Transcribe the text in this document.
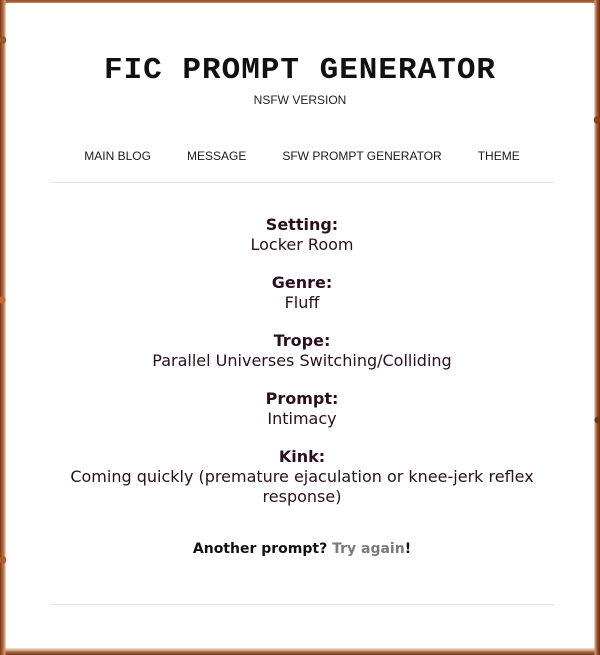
FIC PROMPT GENERATOR
NSFW VERSION
MAIN BLOG	MESSAGE	SFW PROMPT GENERATOR	THEME
Setting:
Locker Room
Genre:
Fluff
Trope:
Parallel Universes Switching/Colliding
Prompt:
Intimacy
Kink:
Coming quickly (premature ejaculation or knee-jerk reflex response)
Another prompt? Try again!
